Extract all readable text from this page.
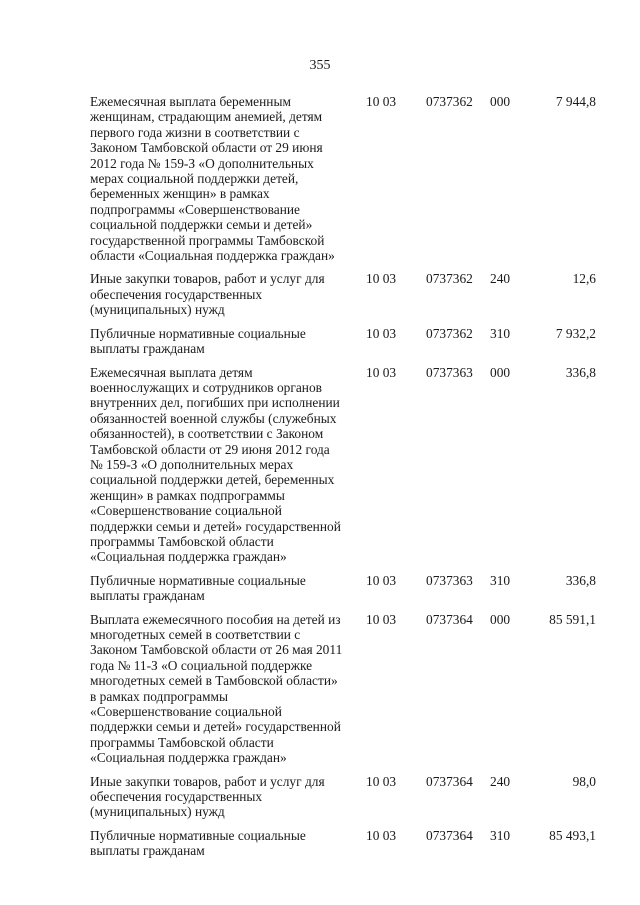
355
Ежемесячная выплата беременным женщинам, страдающим анемией, детям первого года жизни в соответствии с Законом Тамбовской области от 29 июня 2012 года № 159-З «О дополнительных мерах социальной поддержки детей, беременных женщин» в рамках подпрограммы «Совершенствование социальной поддержки семьи и детей» государственной программы Тамбовской области «Социальная поддержка граждан»
10 03	0737362	000	7 944,8
Иные закупки товаров, работ и услуг для обеспечения государственных (муниципальных) нужд
10 03	0737362	240	12,6
Публичные нормативные социальные выплаты гражданам
10 03	0737362	310	7 932,2
Ежемесячная выплата детям военнослужащих и сотрудников органов внутренних дел, погибших при исполнении обязанностей военной службы (служебных обязанностей), в соответствии с Законом Тамбовской области от 29 июня 2012 года № 159-З «О дополнительных мерах социальной поддержки детей, беременных женщин» в рамках подпрограммы «Совершенствование социальной поддержки семьи и детей» государственной программы Тамбовской области «Социальная поддержка граждан»
10 03	0737363	000	336,8
Публичные нормативные социальные выплаты гражданам
10 03	0737363	310	336,8
Выплата ежемесячного пособия на детей из многодетных семей в соответствии с Законом Тамбовской области от 26 мая 2011 года № 11-З «О социальной поддержке многодетных семей в Тамбовской области» в рамках подпрограммы «Совершенствование социальной поддержки семьи и детей» государственной программы Тамбовской области «Социальная поддержка граждан»
10 03	0737364	000	85 591,1
Иные закупки товаров, работ и услуг для обеспечения государственных (муниципальных) нужд
10 03	0737364	240	98,0
Публичные нормативные социальные выплаты гражданам
10 03	0737364	310	85 493,1
